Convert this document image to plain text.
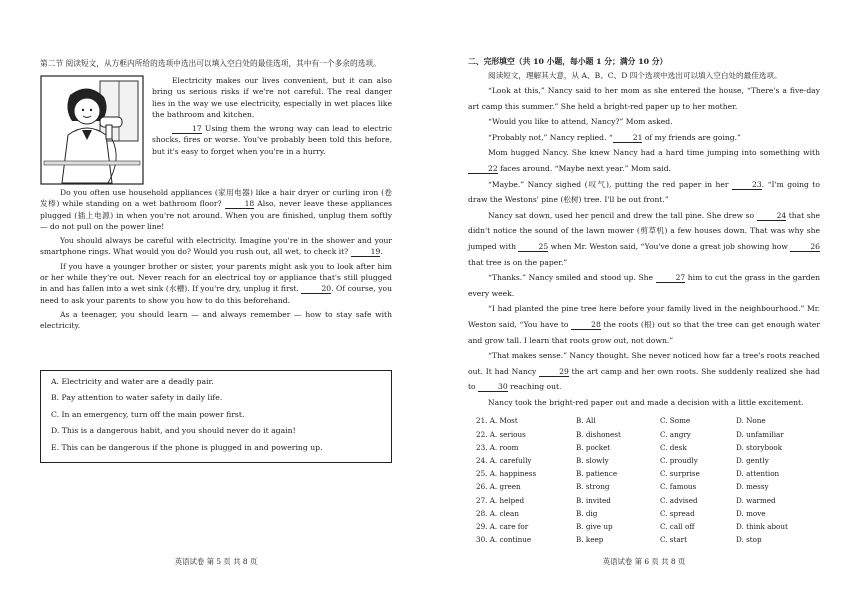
第二节 阅读短文，从方框内所给的选项中选出可以填入空白处的最佳选项，其中有一个多余的选项。

Electricity makes our lives convenient, but it can also bring us serious risks if we're not careful. The real danger lies in the way we use electricity, especially in wet places like the bathroom and kitchen.

17 Using them the wrong way can lead to electric shocks, fires or worse. You've probably been told this before, but it's easy to forget when you're in a hurry.

Do you often use household appliances (家用电器) like a hair dryer or curling iron (卷发棒) while standing on a wet bathroom floor?	18 Also, never leave these appliances plugged (插上电源) in when you're not around. When you are finished, unplug them softly — do not pull on the power line!

You should always be careful with electricity. Imagine you're in the shower and your smartphone rings. What would you do? Would you rush out, all wet, to check it?	19.

If you have a younger brother or sister, your parents might ask you to look after him or her while they're out. Never reach for an electrical toy or appliance that's still plugged in and has fallen into a wet sink (水槽). If you're dry, unplug it first.	20. Of course, you need to ask your parents to show you how to do this beforehand.

As a teenager, you should learn — and always remember — how to stay safe with electricity.

A. Electricity and water are a deadly pair.

B. Pay attention to water safety in daily life.

C. In an emergency, turn off the main power first.

D. This is a dangerous habit, and you should never do it again!

E. This can be dangerous if the phone is plugged in and powering up.

英语试卷 第 5 页 共 8 页

二、完形填空（共 10 小题，每小题 1 分；满分 10 分）

阅读短文，理解其大意，从 A、B、C、D 四个选项中选出可以填入空白处的最佳选项。

“Look at this,” Nancy said to her mom as she entered the house, “There's a five-day art camp this summer.” She held a bright-red paper up to her mother.

“Would you like to attend, Nancy?” Mom asked.

“Probably not,” Nancy replied. “	21 of my friends are going.”

Mom hugged Nancy. She knew Nancy had a hard time jumping into something with 22 faces around. “Maybe next year.” Mom said.

“Maybe.” Nancy sighed (叹气), putting the red paper in her	23. “I'm going to draw the Westons' pine (松树) tree. I'll be out front.”

Nancy sat down, used her pencil and drew the tall pine. She drew so	24 that she didn't notice the sound of the lawn mower (剪草机) a few houses down. That was why she jumped with	25 when Mr. Weston said, “You've done a great job showing how	26 that tree is on the paper.”

“Thanks.” Nancy smiled and stood up. She	27 him to cut the grass in the garden every week.

“I had planted the pine tree here before your family lived in the neighbourhood.” Mr. Weston said, “You have to	28 the roots (根) out so that the tree can get enough water and grow tall. I learn that roots grow out, not down.”

“That makes sense.” Nancy thought. She never noticed how far a tree's roots reached out. It had Nancy	29 the art camp and her own roots. She suddenly realized she had to	30 reaching out.

Nancy took the bright-red paper out and made a decision with a little excitement.

21. A. Most	B. All	C. Some	D. None
22. A. serious	B. dishonest	C. angry	D. unfamiliar
23. A. room	B. pocket	C. desk	D. storybook
24. A. carefully	B. slowly	C. proudly	D. gently
25. A. happiness	B. patience	C. surprise	D. attention
26. A. green	B. strong	C. famous	D. messy
27. A. helped	B. invited	C. advised	D. warmed
28. A. clean	B. dig	C. spread	D. move
29. A. care for	B. give up	C. call off	D. think about
30. A. continue	B. keep	C. start	D. stop
英语试卷 第 6 页 共 8 页
